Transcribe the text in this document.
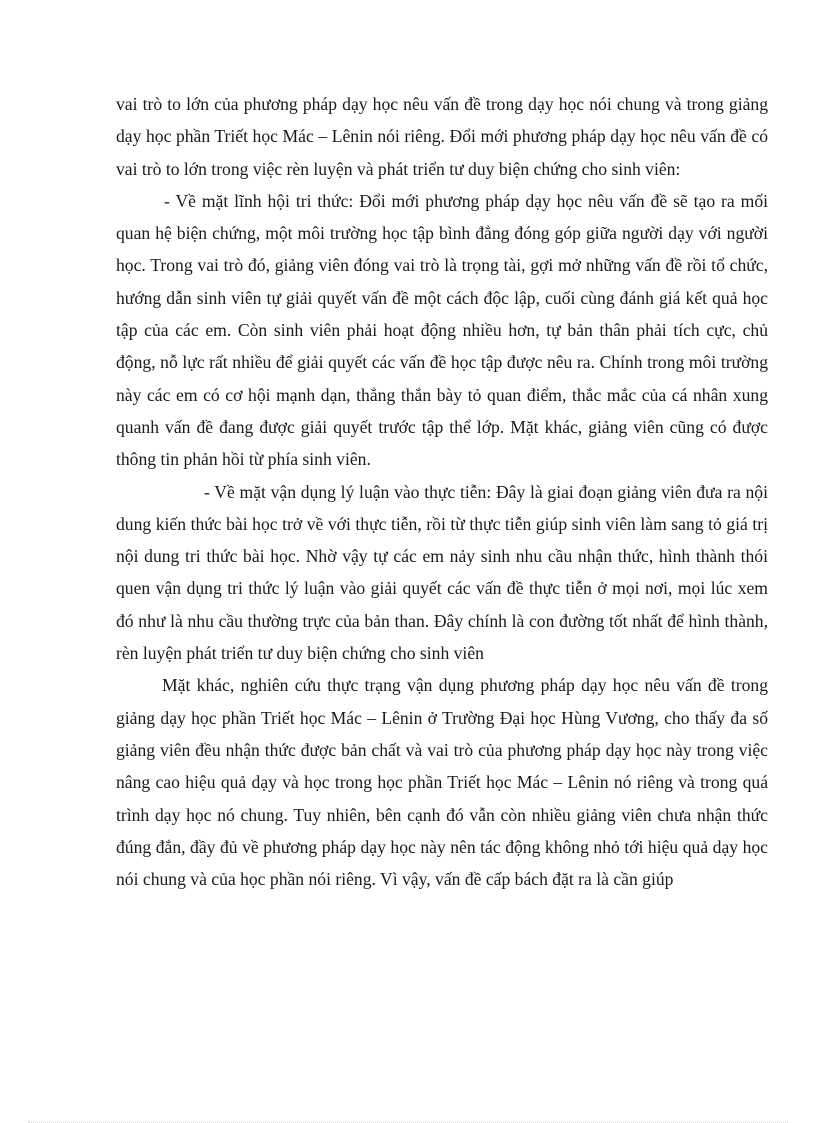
vai trò to lớn của phương pháp dạy học nêu vấn đề trong dạy học nói chung và trong giảng dạy học phần Triết học Mác – Lênin nói riêng. Đổi mới phương pháp dạy học nêu vấn đề có vai trò to lớn trong việc rèn luyện và phát triển tư duy biện chứng cho sinh viên:

- Về mặt lĩnh hội tri thức: Đổi mới phương pháp dạy học nêu vấn đề sẽ tạo ra mối quan hệ biện chứng, một môi trường học tập bình đẳng đóng góp giữa người dạy với người học. Trong vai trò đó, giảng viên đóng vai trò là trọng tài, gợi mở những vấn đề rồi tổ chức, hướng dẫn sinh viên tự giải quyết vấn đề một cách độc lập, cuối cùng đánh giá kết quả học tập của các em. Còn sinh viên phải hoạt động nhiều hơn, tự bản thân phải tích cực, chủ động, nỗ lực rất nhiều để giải quyết các vấn đề học tập được nêu ra. Chính trong môi trường này các em có cơ hội mạnh dạn, thẳng thắn bày tỏ quan điểm, thắc mắc của cá nhân xung quanh vấn đề đang được giải quyết trước tập thể lớp. Mặt khác, giảng viên cũng có được thông tin phản hồi từ phía sinh viên.

- Về mặt vận dụng lý luận vào thực tiễn: Đây là giai đoạn giảng viên đưa ra nội dung kiến thức bài học trở về với thực tiễn, rồi từ thực tiễn giúp sinh viên làm sang tỏ giá trị nội dung tri thức bài học. Nhờ vậy tự các em nảy sinh nhu cầu nhận thức, hình thành thói quen vận dụng tri thức lý luận vào giải quyết các vấn đề thực tiễn ở mọi nơi, mọi lúc xem đó như là nhu cầu thường trực của bản than. Đây chính là con đường tốt nhất để hình thành, rèn luyện phát triển tư duy biện chứng cho sinh viên

Mặt khác, nghiên cứu thực trạng vận dụng phương pháp dạy học nêu vấn đề trong giảng dạy học phần Triết học Mác – Lênin ở Trường Đại học Hùng Vương, cho thấy đa số giảng viên đều nhận thức được bản chất và vai trò của phương pháp dạy học này trong việc nâng cao hiệu quả dạy và học trong học phần Triết học Mác – Lênin nó riêng và trong quá trình dạy học nó chung. Tuy nhiên, bên cạnh đó vẫn còn nhiều giảng viên chưa nhận thức đúng đắn, đầy đủ về phương pháp dạy học này nên tác động không nhỏ tới hiệu quả dạy học nói chung và của học phần nói riêng. Vì vậy, vấn đề cấp bách đặt ra là cần giúp
